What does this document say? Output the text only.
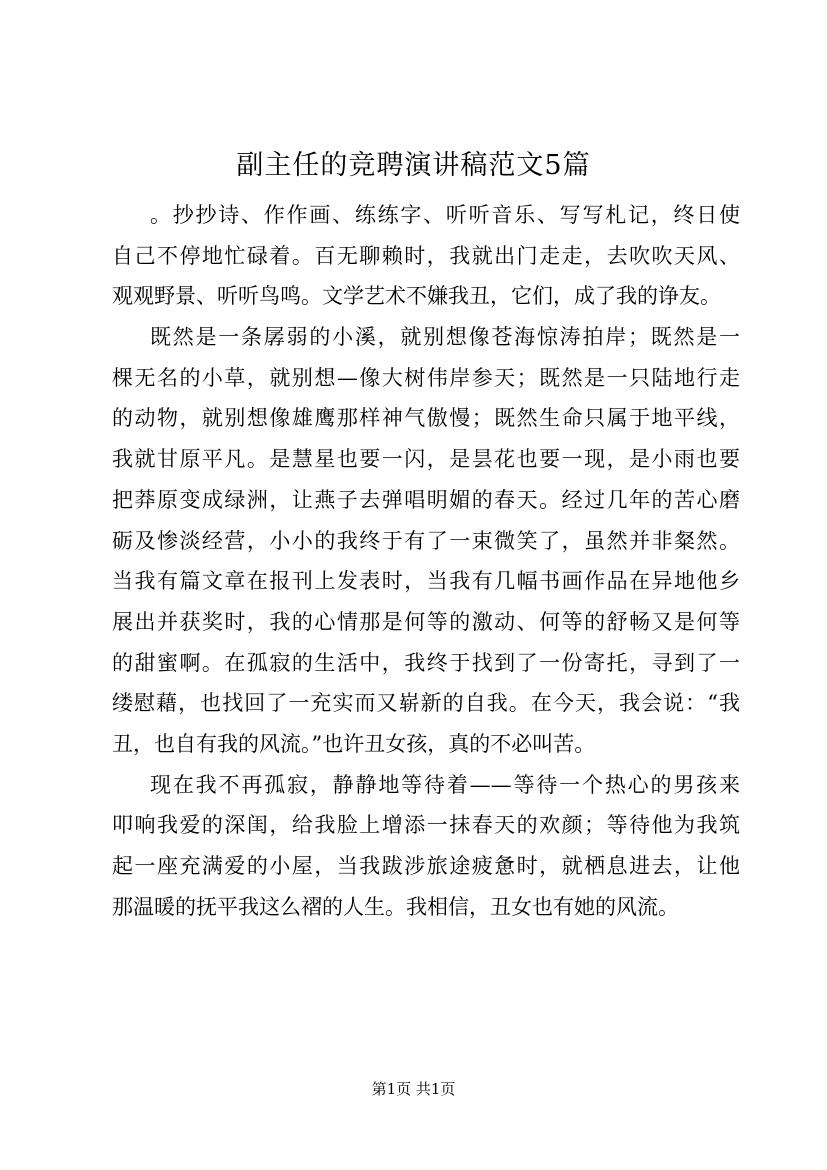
副主任的竞聘演讲稿范文5篇
。抄抄诗、作作画、练练字、听听音乐、写写札记，终日使
自己不停地忙碌着。百无聊赖时，我就出门走走，去吹吹天风、
观观野景、听听鸟鸣。文学艺术不嫌我丑，它们，成了我的诤友。
既然是一条孱弱的小溪，就别想像苍海惊涛拍岸；既然是一
棵无名的小草，就别想—像大树伟岸参天；既然是一只陆地行走
的动物，就别想像雄鹰那样神气傲慢；既然生命只属于地平线，
我就甘原平凡。是慧星也要一闪，是昙花也要一现，是小雨也要
把莽原变成绿洲，让燕子去弹唱明媚的春天。经过几年的苦心磨
砺及惨淡经营，小小的我终于有了一束微笑了，虽然并非粲然。
当我有篇文章在报刊上发表时，当我有几幅书画作品在异地他乡
展出并获奖时，我的心情那是何等的激动、何等的舒畅又是何等
的甜蜜啊。在孤寂的生活中，我终于找到了一份寄托，寻到了一
缕慰藉，也找回了一充实而又崭新的自我。在今天，我会说：“我
丑，也自有我的风流。”也许丑女孩，真的不必叫苦。
现在我不再孤寂，静静地等待着——等待一个热心的男孩来
叩响我爱的深闺，给我脸上增添一抹春天的欢颜；等待他为我筑
起一座充满爱的小屋，当我跋涉旅途疲惫时，就栖息进去，让他
那温暖的抚平我这么褶的人生。我相信，丑女也有她的风流。
第1页 共1页
